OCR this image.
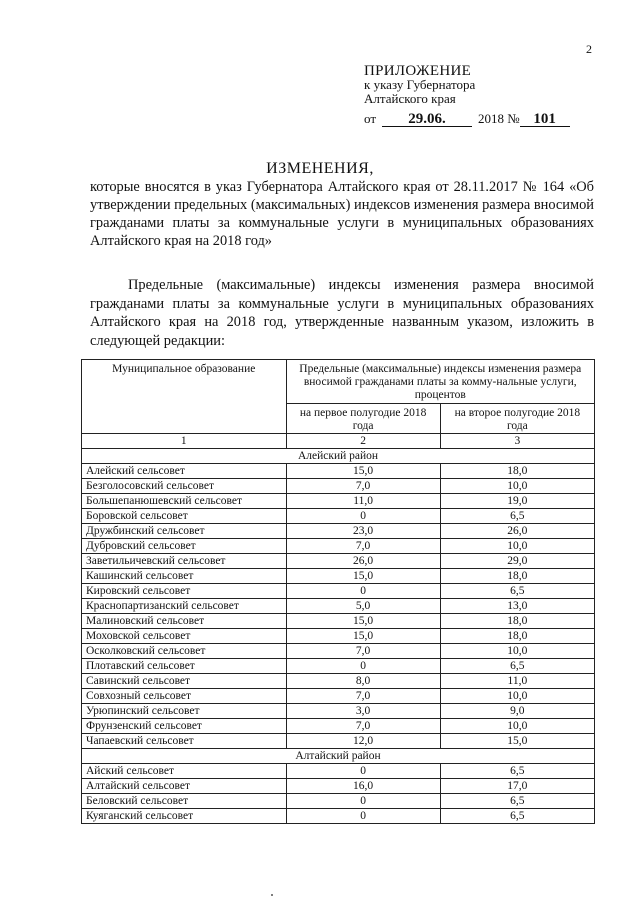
2
ПРИЛОЖЕНИЕ
к указу Губернатора
Алтайского края
от	29.06.	2018 № 101
ИЗМЕНЕНИЯ,
которые вносятся в указ Губернатора Алтайского края от 28.11.2017 № 164 «Об утверждении предельных (максимальных) индексов изменения размера вносимой гражданами платы за коммунальные услуги в муниципальных образованиях Алтайского края на 2018 год»
Предельные (максимальные) индексы изменения размера вносимой гражданами платы за коммунальные услуги в муниципальных образованиях Алтайского края на 2018 год, утвержденные названным указом, изложить в следующей редакции:
Муниципальное образование	Предельные (максимальные) индексы изменения размера вносимой гражданами платы за комму-нальные услуги, процентов	
	на первое полугодие 2018 года	на второе полугодие 2018 года
1	2	3
Алейский район		
Алейский сельсовет	15,0	18,0
Безголосовский сельсовет	7,0	10,0
Большепанюшевский сельсовет	11,0	19,0
Боровской сельсовет	0	6,5
Дружбинский сельсовет	23,0	26,0
Дубровский сельсовет	7,0	10,0
Заветильичевский сельсовет	26,0	29,0
Кашинский сельсовет	15,0	18,0
Кировский сельсовет	0	6,5
Краснопартизанский сельсовет	5,0	13,0
Малиновский сельсовет	15,0	18,0
Моховской сельсовет	15,0	18,0
Осколковский сельсовет	7,0	10,0
Плотавский сельсовет	0	6,5
Савинский сельсовет	8,0	11,0
Совхозный сельсовет	7,0	10,0
Урюпинский сельсовет	3,0	9,0
Фрунзенский сельсовет	7,0	10,0
Чапаевский сельсовет	12,0	15,0
Алтайский район		
Айский сельсовет	0	6,5
Алтайский сельсовет	16,0	17,0
Беловский сельсовет	0	6,5
Куяганский сельсовет	0	6,5
